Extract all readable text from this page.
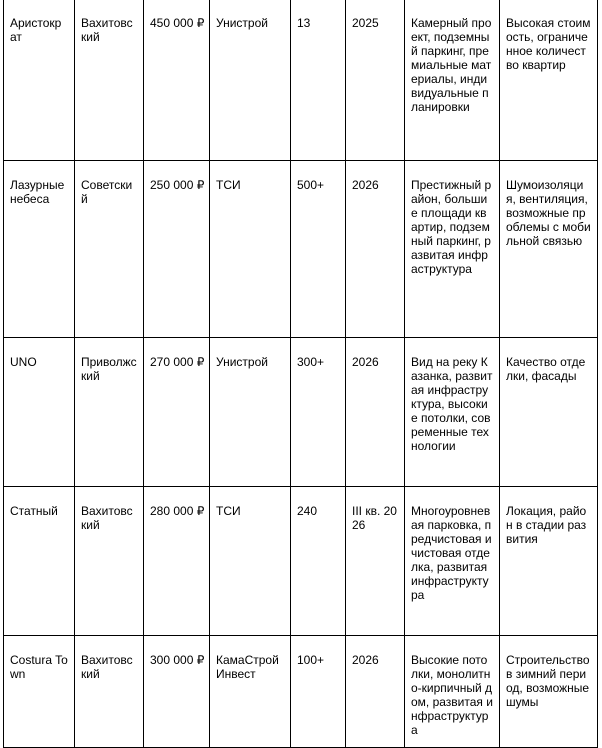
Аристократ	Вахитовский	450 000 ₽	Унистрой	13	2025	Камерный проект, подземный паркинг, премиальные материалы, индивидуальные планировки	Высокая стоимость, ограниченное количество квартир
Лазурные небеса	Советский	250 000 ₽	ТСИ	500+	2026	Престижный район, большие площади квартир, подземный паркинг, развитая инфраструктура	Шумоизоляция, вентиляция, возможные проблемы с мобильной связью
UNO	Приволжский	270 000 ₽	Унистрой	300+	2026	Вид на реку Казанка, развитая инфраструктура, высокие потолки, современные технологии	Качество отделки, фасады
Статный	Вахитовский	280 000 ₽	ТСИ	240	III кв. 2026	Многоуровневая парковка, предчистовая и чистовая отделка, развитая инфраструктура	Локация, район в стадии развития
Costura Town	Вахитовский	300 000 ₽	КамаСтрой Инвест	100+	2026	Высокие потолки, монолитно-кирпичный дом, развитая инфраструктура	Строительство в зимний период, возможные шумы
